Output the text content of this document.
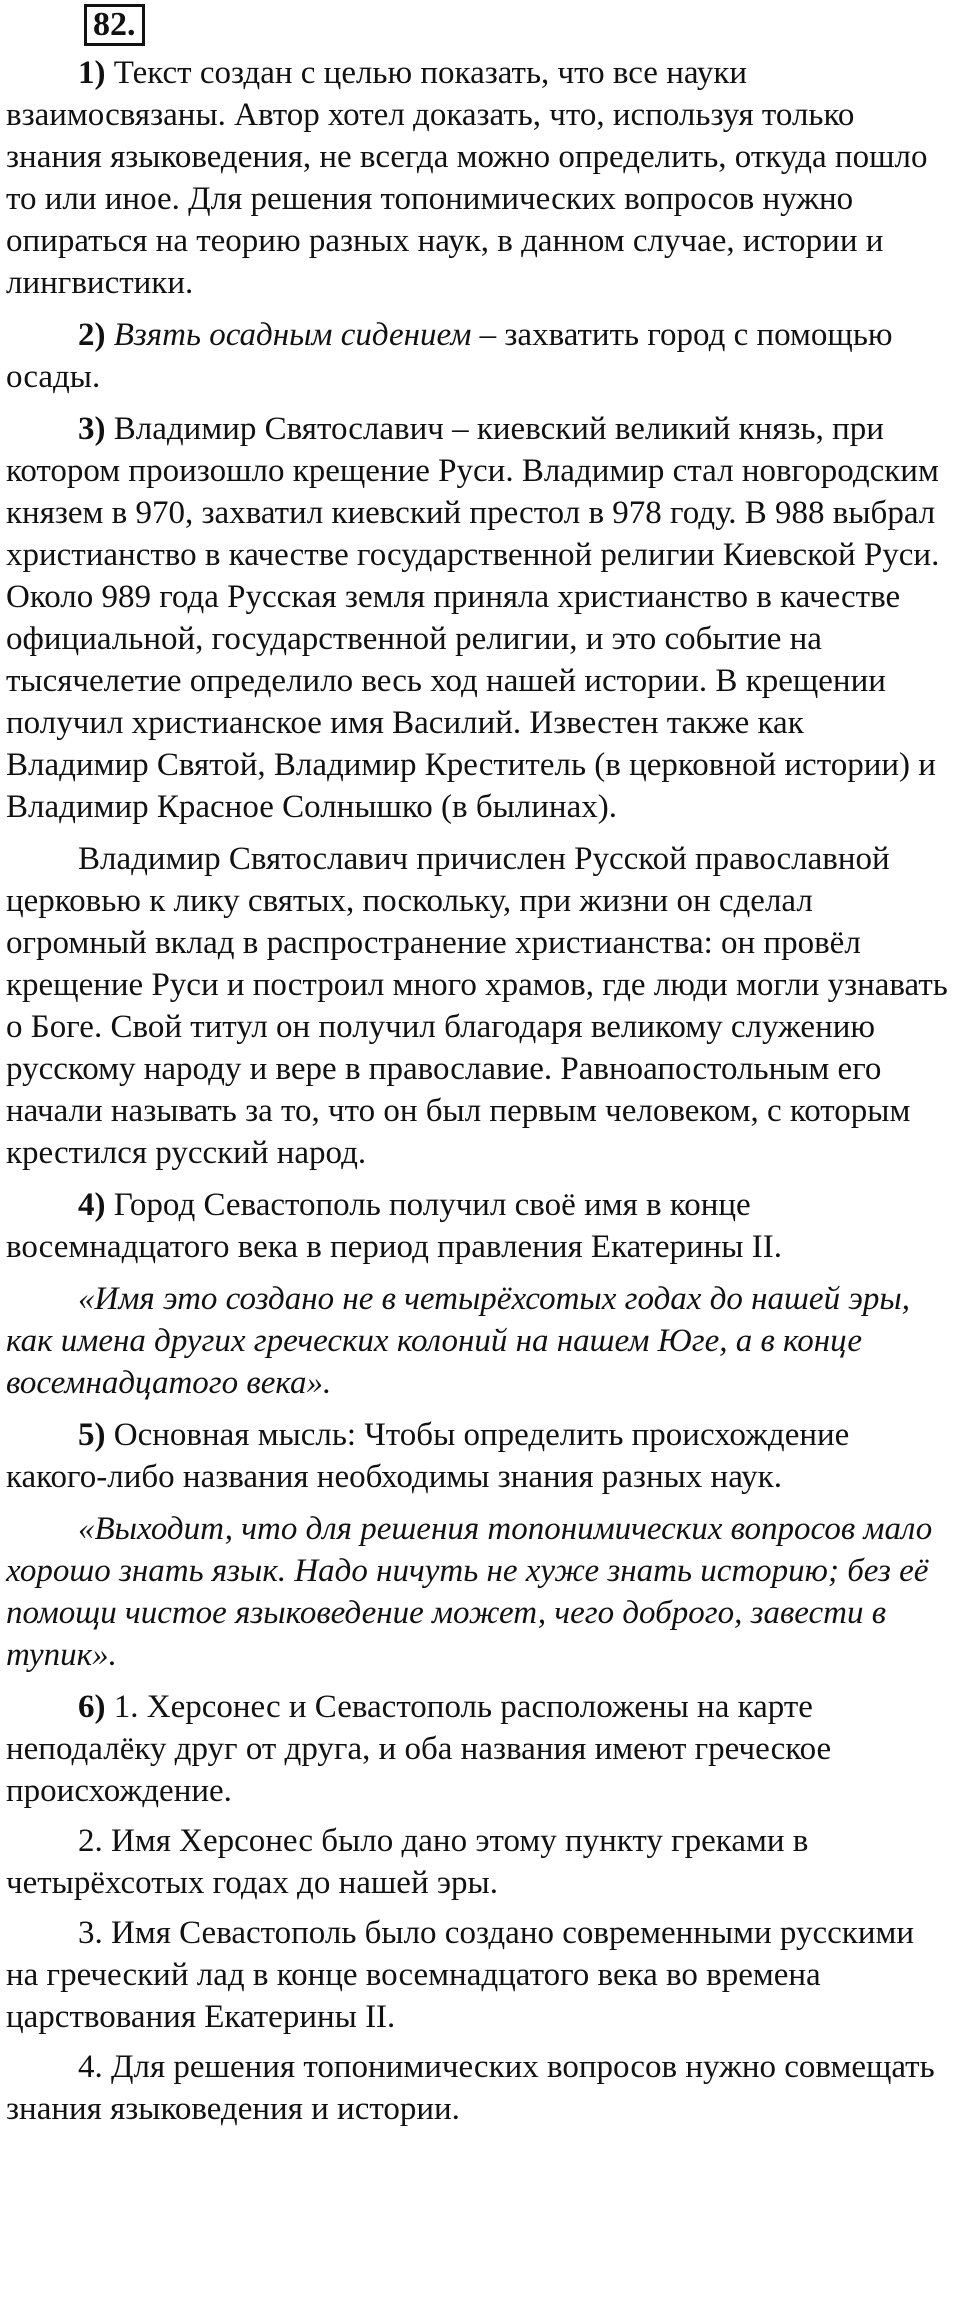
82.

1) Текст создан с целью показать, что все науки взаимосвязаны. Автор хотел доказать, что, используя только знания языковедения, не всегда можно определить, откуда пошло то или иное. Для решения топонимических вопросов нужно опираться на теорию разных наук, в данном случае, истории и лингвистики.

2) Взять осадным сидением – захватить город с помощью осады.

3) Владимир Святославич – киевский великий князь, при котором произошло крещение Руси. Владимир стал новгородским князем в 970, захватил киевский престол в 978 году. В 988 выбрал христианство в качестве государственной религии Киевской Руси. Около 989 года Русская земля приняла христианство в качестве официальной, государственной религии, и это событие на тысячелетие определило весь ход нашей истории. В крещении получил христианское имя Василий. Известен также как Владимир Святой, Владимир Креститель (в церковной истории) и Владимир Красное Солнышко (в былинах).

Владимир Святославич причислен Русской православной церковью к лику святых, поскольку, при жизни он сделал огромный вклад в распространение христианства: он провёл крещение Руси и построил много храмов, где люди могли узнавать о Боге. Свой титул он получил благодаря великому служению русскому народу и вере в православие. Равноапостольным его начали называть за то, что он был первым человеком, с которым крестился русский народ.

4) Город Севастополь получил своё имя в конце восемнадцатого века в период правления Екатерины II.

«Имя это создано не в четырёхсотых годах до нашей эры, как имена других греческих колоний на нашем Юге, а в конце восемнадцатого века».

5) Основная мысль: Чтобы определить происхождение какого-либо названия необходимы знания разных наук.

«Выходит, что для решения топонимических вопросов мало хорошо знать язык. Надо ничуть не хуже знать историю; без её помощи чистое языковедение может, чего доброго, завести в тупик».

6) 1. Херсонес и Севастополь расположены на карте неподалёку друг от друга, и оба названия имеют греческое происхождение.

2. Имя Херсонес было дано этому пункту греками в четырёхсотых годах до нашей эры.

3. Имя Севастополь было создано современными русскими на греческий лад в конце восемнадцатого века во времена царствования Екатерины II.

4. Для решения топонимических вопросов нужно совмещать знания языковедения и истории.
